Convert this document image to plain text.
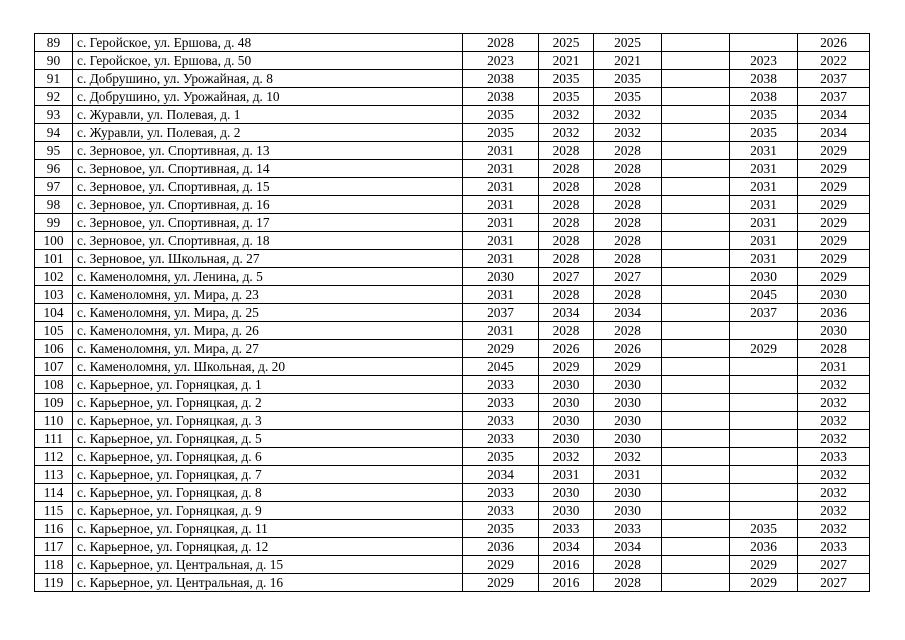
89	с. Геройское, ул. Ершова, д. 48	2028	2025	2025			2026
90	с. Геройское, ул. Ершова, д. 50	2023	2021	2021		2023	2022
91	с. Добрушино, ул. Урожайная, д. 8	2038	2035	2035		2038	2037
92	с. Добрушино, ул. Урожайная, д. 10	2038	2035	2035		2038	2037
93	с. Журавли, ул. Полевая, д. 1	2035	2032	2032		2035	2034
94	с. Журавли, ул. Полевая, д. 2	2035	2032	2032		2035	2034
95	с. Зерновое, ул. Спортивная, д. 13	2031	2028	2028		2031	2029
96	с. Зерновое, ул. Спортивная, д. 14	2031	2028	2028		2031	2029
97	с. Зерновое, ул. Спортивная, д. 15	2031	2028	2028		2031	2029
98	с. Зерновое, ул. Спортивная, д. 16	2031	2028	2028		2031	2029
99	с. Зерновое, ул. Спортивная, д. 17	2031	2028	2028		2031	2029
100	с. Зерновое, ул. Спортивная, д. 18	2031	2028	2028		2031	2029
101	с. Зерновое, ул. Школьная, д. 27	2031	2028	2028		2031	2029
102	с. Каменоломня, ул. Ленина, д. 5	2030	2027	2027		2030	2029
103	с. Каменоломня, ул. Мира, д. 23	2031	2028	2028		2045	2030
104	с. Каменоломня, ул. Мира, д. 25	2037	2034	2034		2037	2036
105	с. Каменоломня, ул. Мира, д. 26	2031	2028	2028			2030
106	с. Каменоломня, ул. Мира, д. 27	2029	2026	2026		2029	2028
107	с. Каменоломня, ул. Школьная, д. 20	2045	2029	2029			2031
108	с. Карьерное, ул. Горняцкая, д. 1	2033	2030	2030			2032
109	с. Карьерное, ул. Горняцкая, д. 2	2033	2030	2030			2032
110	с. Карьерное, ул. Горняцкая, д. 3	2033	2030	2030			2032
111	с. Карьерное, ул. Горняцкая, д. 5	2033	2030	2030			2032
112	с. Карьерное, ул. Горняцкая, д. 6	2035	2032	2032			2033
113	с. Карьерное, ул. Горняцкая, д. 7	2034	2031	2031			2032
114	с. Карьерное, ул. Горняцкая, д. 8	2033	2030	2030			2032
115	с. Карьерное, ул. Горняцкая, д. 9	2033	2030	2030			2032
116	с. Карьерное, ул. Горняцкая, д. 11	2035	2033	2033		2035	2032
117	с. Карьерное, ул. Горняцкая, д. 12	2036	2034	2034		2036	2033
118	с. Карьерное, ул. Центральная, д. 15	2029	2016	2028		2029	2027
119	с. Карьерное, ул. Центральная, д. 16	2029	2016	2028		2029	2027
